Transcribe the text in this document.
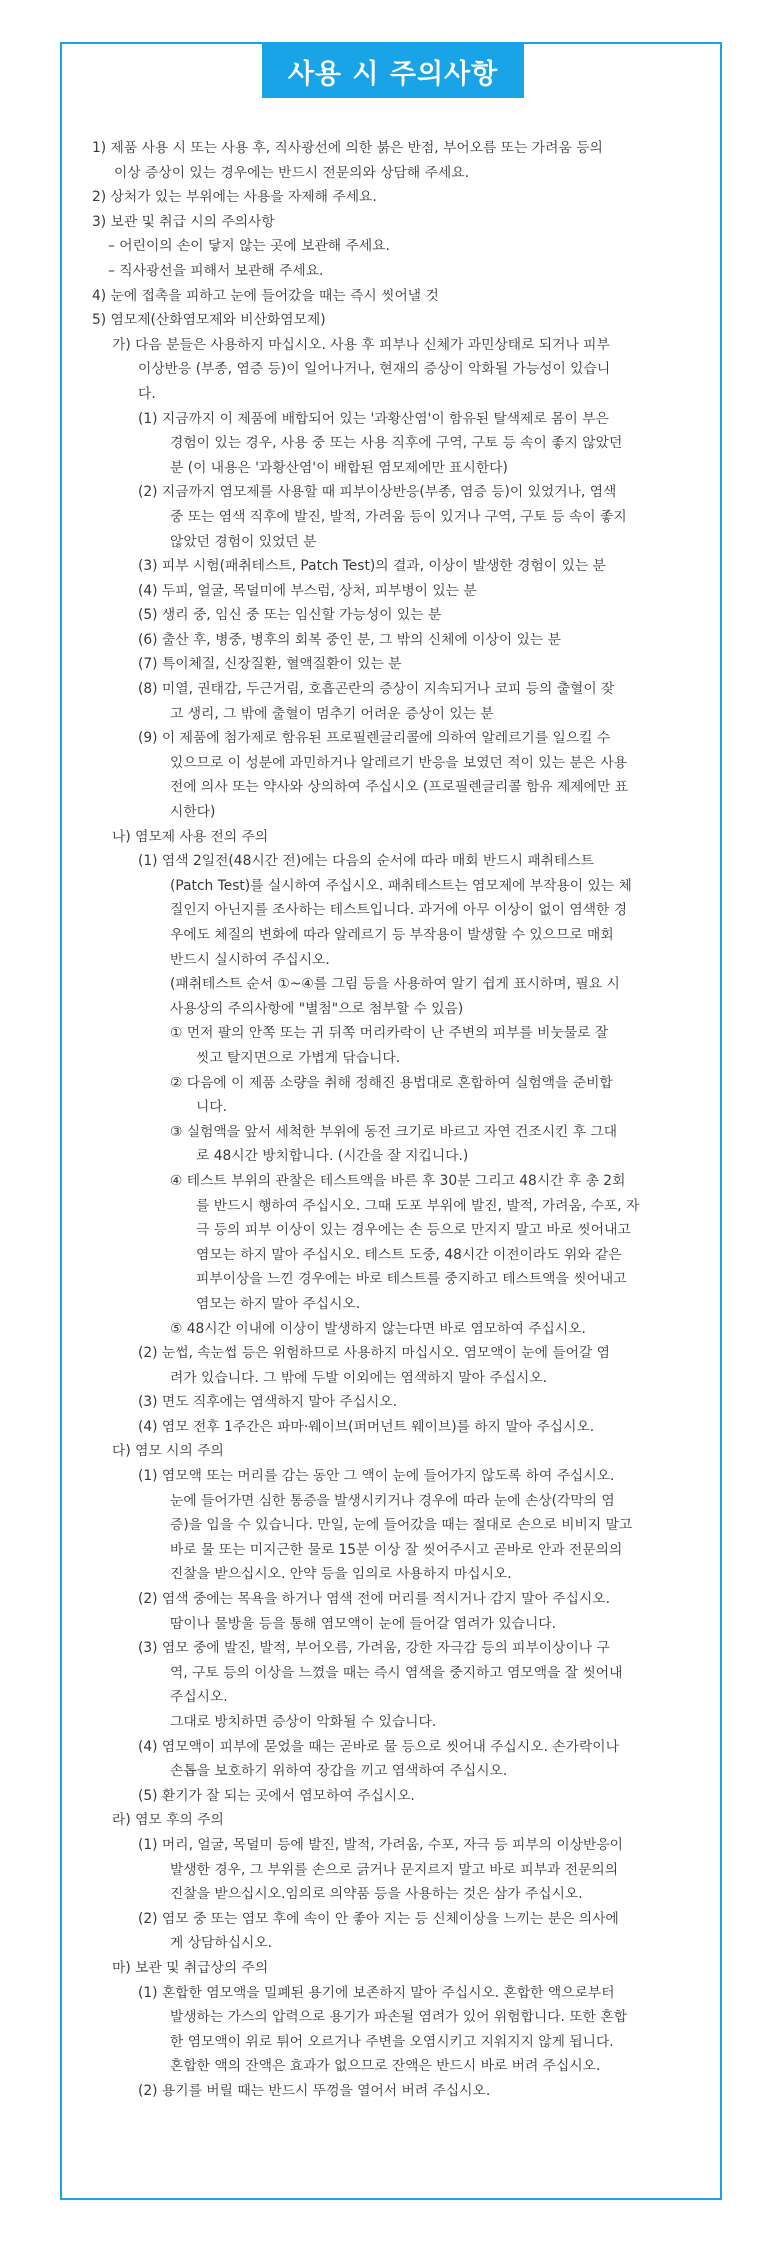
사용 시 주의사항
1) 제품 사용 시 또는 사용 후, 직사광선에 의한 붉은 반점, 부어오름 또는 가려움 등의
이상 증상이 있는 경우에는 반드시 전문의와 상담해 주세요.
2) 상처가 있는 부위에는 사용을 자제해 주세요.
3) 보관 및 취급 시의 주의사항
– 어린이의 손이 닿지 않는 곳에 보관해 주세요.
– 직사광선을 피해서 보관해 주세요.
4) 눈에 접촉을 피하고 눈에 들어갔을 때는 즉시 씻어낼 것
5) 염모제(산화염모제와 비산화염모제)
가) 다음 분들은 사용하지 마십시오. 사용 후 피부나 신체가 과민상태로 되거나 피부
이상반응 (부종, 염증 등)이 일어나거나, 현재의 증상이 악화될 가능성이 있습니
다.
(1) 지금까지 이 제품에 배합되어 있는 '과황산염'이 함유된 탈색제로 몸이 부은
경험이 있는 경우, 사용 중 또는 사용 직후에 구역, 구토 등 속이 좋지 않았던
분 (이 내용은 '과황산염'이 배합된 염모제에만 표시한다)
(2) 지금까지 염모제를 사용할 때 피부이상반응(부종, 염증 등)이 있었거나, 염색
중 또는 염색 직후에 발진, 발적, 가려움 등이 있거나 구역, 구토 등 속이 좋지
않았던 경험이 있었던 분
(3) 피부 시험(패취테스트, Patch Test)의 결과, 이상이 발생한 경험이 있는 분
(4) 두피, 얼굴, 목덜미에 부스럼, 상처, 피부병이 있는 분
(5) 생리 중, 임신 중 또는 임신할 가능성이 있는 분
(6) 출산 후, 병중, 병후의 회복 중인 분, 그 밖의 신체에 이상이 있는 분
(7) 특이체질, 신장질환, 혈액질환이 있는 분
(8) 미열, 권태감, 두근거림, 호흡곤란의 증상이 지속되거나 코피 등의 출혈이 잦
고 생리, 그 밖에 출혈이 멈추기 어려운 증상이 있는 분
(9) 이 제품에 첨가제로 함유된 프로필렌글리콜에 의하여 알레르기를 일으킬 수
있으므로 이 성분에 과민하거나 알레르기 반응을 보였던 적이 있는 분은 사용
전에 의사 또는 약사와 상의하여 주십시오 (프로필렌글리콜 함유 제제에만 표
시한다)
나) 염모제 사용 전의 주의
(1) 염색 2일전(48시간 전)에는 다음의 순서에 따라 매회 반드시 패취테스트
(Patch Test)를 실시하여 주십시오. 패취테스트는 염모제에 부작용이 있는 체
질인지 아닌지를 조사하는 테스트입니다. 과거에 아무 이상이 없이 염색한 경
우에도 체질의 변화에 따라 알레르기 등 부작용이 발생할 수 있으므로 매회
반드시 실시하여 주십시오.
(패취테스트 순서 ①~④를 그림 등을 사용하여 알기 쉽게 표시하며, 필요 시
사용상의 주의사항에 "별첨"으로 첨부할 수 있음)
① 먼저 팔의 안쪽 또는 귀 뒤쪽 머리카락이 난 주변의 피부를 비눗물로 잘
씻고 탈지면으로 가볍게 닦습니다.
② 다음에 이 제품 소량을 취해 정해진 용법대로 혼합하여 실험액을 준비합
니다.
③ 실험액을 앞서 세척한 부위에 동전 크기로 바르고 자연 건조시킨 후 그대
로 48시간 방치합니다. (시간을 잘 지킵니다.)
④ 테스트 부위의 관찰은 테스트액을 바른 후 30분 그리고 48시간 후 총 2회
를 반드시 행하여 주십시오. 그때 도포 부위에 발진, 발적, 가려움, 수포, 자
극 등의 피부 이상이 있는 경우에는 손 등으로 만지지 말고 바로 씻어내고
염모는 하지 말아 주십시오. 테스트 도중, 48시간 이전이라도 위와 같은
피부이상을 느낀 경우에는 바로 테스트를 중지하고 테스트액을 씻어내고
염모는 하지 말아 주십시오.
⑤ 48시간 이내에 이상이 발생하지 않는다면 바로 염모하여 주십시오.
(2) 눈썹, 속눈썹 등은 위험하므로 사용하지 마십시오. 염모액이 눈에 들어갈 염
려가 있습니다. 그 밖에 두발 이외에는 염색하지 말아 주십시오.
(3) 면도 직후에는 염색하지 말아 주십시오.
(4) 염모 전후 1주간은 파마·웨이브(퍼머넌트 웨이브)를 하지 말아 주십시오.
다) 염모 시의 주의
(1) 염모액 또는 머리를 감는 동안 그 액이 눈에 들어가지 않도록 하여 주십시오.
눈에 들어가면 심한 통증을 발생시키거나 경우에 따라 눈에 손상(각막의 염
증)을 입을 수 있습니다. 만일, 눈에 들어갔을 때는 절대로 손으로 비비지 말고
바로 물 또는 미지근한 물로 15분 이상 잘 씻어주시고 곧바로 안과 전문의의
진찰을 받으십시오. 안약 등을 임의로 사용하지 마십시오.
(2) 염색 중에는 목욕을 하거나 염색 전에 머리를 적시거나 감지 말아 주십시오.
땀이나 물방울 등을 통해 염모액이 눈에 들어갈 염려가 있습니다.
(3) 염모 중에 발진, 발적, 부어오름, 가려움, 강한 자극감 등의 피부이상이나 구
역, 구토 등의 이상을 느꼈을 때는 즉시 염색을 중지하고 염모액을 잘 씻어내
주십시오.
그대로 방치하면 증상이 악화될 수 있습니다.
(4) 염모액이 피부에 묻었을 때는 곧바로 물 등으로 씻어내 주십시오. 손가락이나
손톱을 보호하기 위하여 장갑을 끼고 염색하여 주십시오.
(5) 환기가 잘 되는 곳에서 염모하여 주십시오.
라) 염모 후의 주의
(1) 머리, 얼굴, 목덜미 등에 발진, 발적, 가려움, 수포, 자극 등 피부의 이상반응이
발생한 경우, 그 부위를 손으로 긁거나 문지르지 말고 바로 피부과 전문의의
진찰을 받으십시오.임의로 의약품 등을 사용하는 것은 삼가 주십시오.
(2) 염모 중 또는 염모 후에 속이 안 좋아 지는 등 신체이상을 느끼는 분은 의사에
게 상담하십시오.
마) 보관 및 취급상의 주의
(1) 혼합한 염모액을 밀폐된 용기에 보존하지 말아 주십시오. 혼합한 액으로부터
발생하는 가스의 압력으로 용기가 파손될 염려가 있어 위험합니다. 또한 혼합
한 염모액이 위로 튀어 오르거나 주변을 오염시키고 지워지지 않게 됩니다.
혼합한 액의 잔액은 효과가 없으므로 잔액은 반드시 바로 버려 주십시오.
(2) 용기를 버릴 때는 반드시 뚜껑을 열어서 버려 주십시오.
